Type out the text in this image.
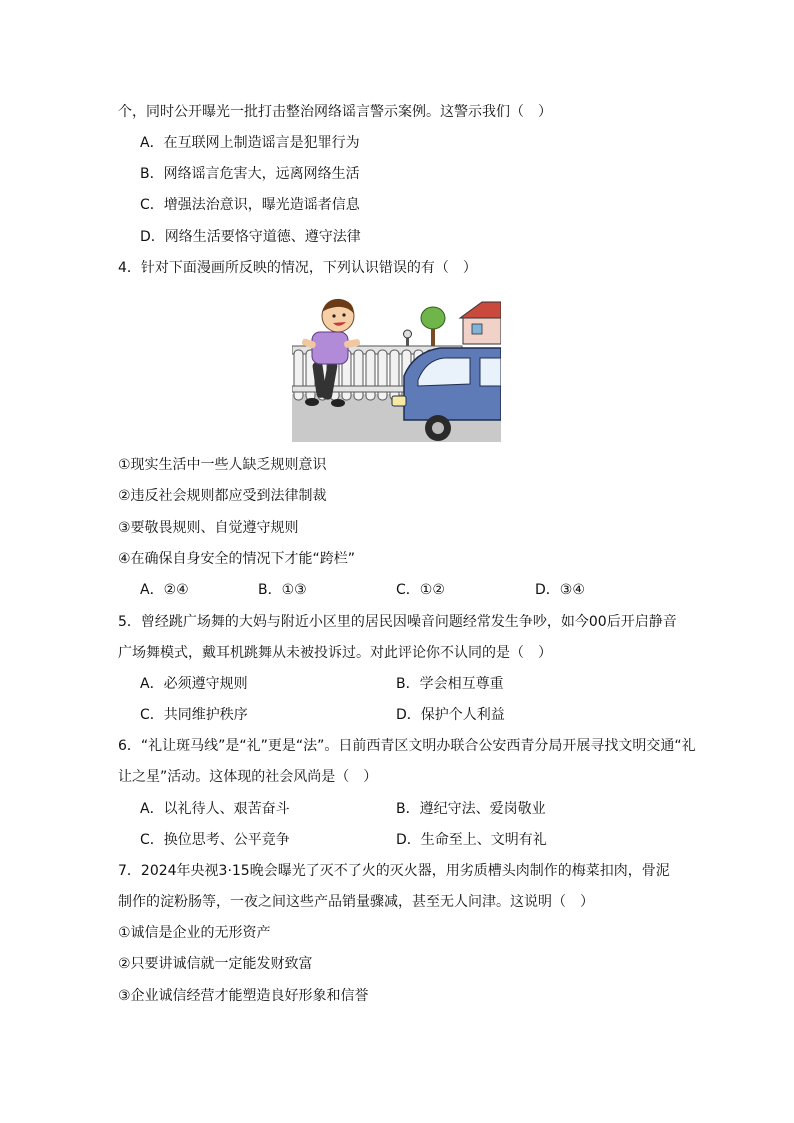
个，同时公开曝光一批打击整治网络谣言警示案例。这警示我们（　）
A．在互联网上制造谣言是犯罪行为
B．网络谣言危害大，远离网络生活
C．增强法治意识，曝光造谣者信息
D．网络生活要恪守道德、遵守法律
4．针对下面漫画所反映的情况，下列认识错误的有（　）
①现实生活中一些人缺乏规则意识
②违反社会规则都应受到法律制裁
③要敬畏规则、自觉遵守规则
④在确保自身安全的情况下才能“跨栏”
A．②④	B．①③	C．①②	D．③④
5．曾经跳广场舞的大妈与附近小区里的居民因噪音问题经常发生争吵，如今00后开启静音
广场舞模式，戴耳机跳舞从未被投诉过。对此评论你不认同的是（　）
A．必须遵守规则	B．学会相互尊重
C．共同维护秩序	D．保护个人利益
6．“礼让斑马线”是“礼”更是“法”。日前西青区文明办联合公安西青分局开展寻找文明交通“礼
让之星”活动。这体现的社会风尚是（　）
A．以礼待人、艰苦奋斗	B．遵纪守法、爱岗敬业
C．换位思考、公平竞争	D．生命至上、文明有礼
7．2024年央视3·15晚会曝光了灭不了火的灭火器，用劣质槽头肉制作的梅菜扣肉，骨泥
制作的淀粉肠等，一夜之间这些产品销量骤减，甚至无人问津。这说明（　）
①诚信是企业的无形资产
②只要讲诚信就一定能发财致富
③企业诚信经营才能塑造良好形象和信誉
